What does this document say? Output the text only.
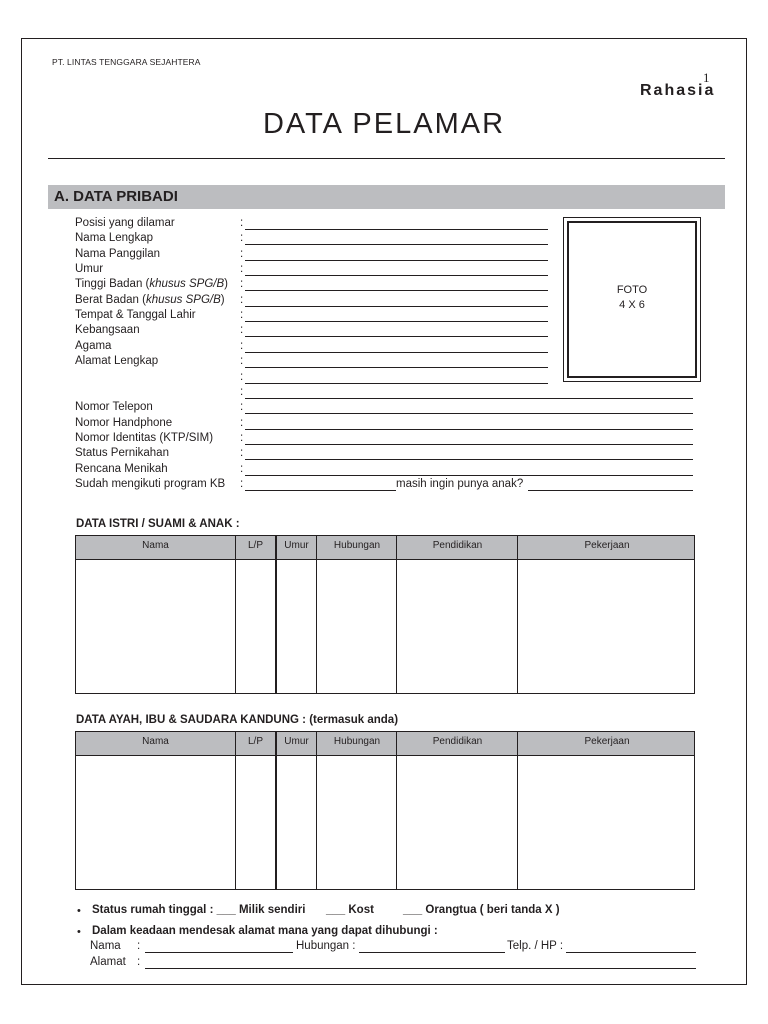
PT. LINTAS TENGGARA SEJAHTERA
1
Rahasia
DATA PELAMAR
A. DATA PRIBADI
Posisi yang dilamar	:
Nama Lengkap	:
Nama Panggilan	:
Umur	:
Tinggi Badan (khusus SPG/B) :
Berat Badan (khusus SPG/B) :
Tempat & Tanggal Lahir	:
Kebangsaan	:
Agama	:
Alamat Lengkap	:
:
:
Nomor Telepon	:
Nomor Handphone	:
Nomor Identitas (KTP/SIM) :
Status Pernikahan	:
Rencana Menikah	:
Sudah mengikuti program KB :	masih ingin punya anak?
FOTO
4 X 6
DATA ISTRI / SUAMI & ANAK :
Nama	L/P	Umur	Hubungan	Pendidikan	Pekerjaan
DATA AYAH, IBU & SAUDARA KANDUNG : (termasuk anda)
Nama	L/P	Umur	Hubungan	Pendidikan	Pekerjaan
• Status rumah tinggal : ___ Milik sendiri ___ Kost	___ Orangtua ( beri tanda X )
• Dalam keadaan mendesak alamat mana yang dapat dihubungi :
Nama :	Hubungan :	Telp. / HP :
Alamat :
